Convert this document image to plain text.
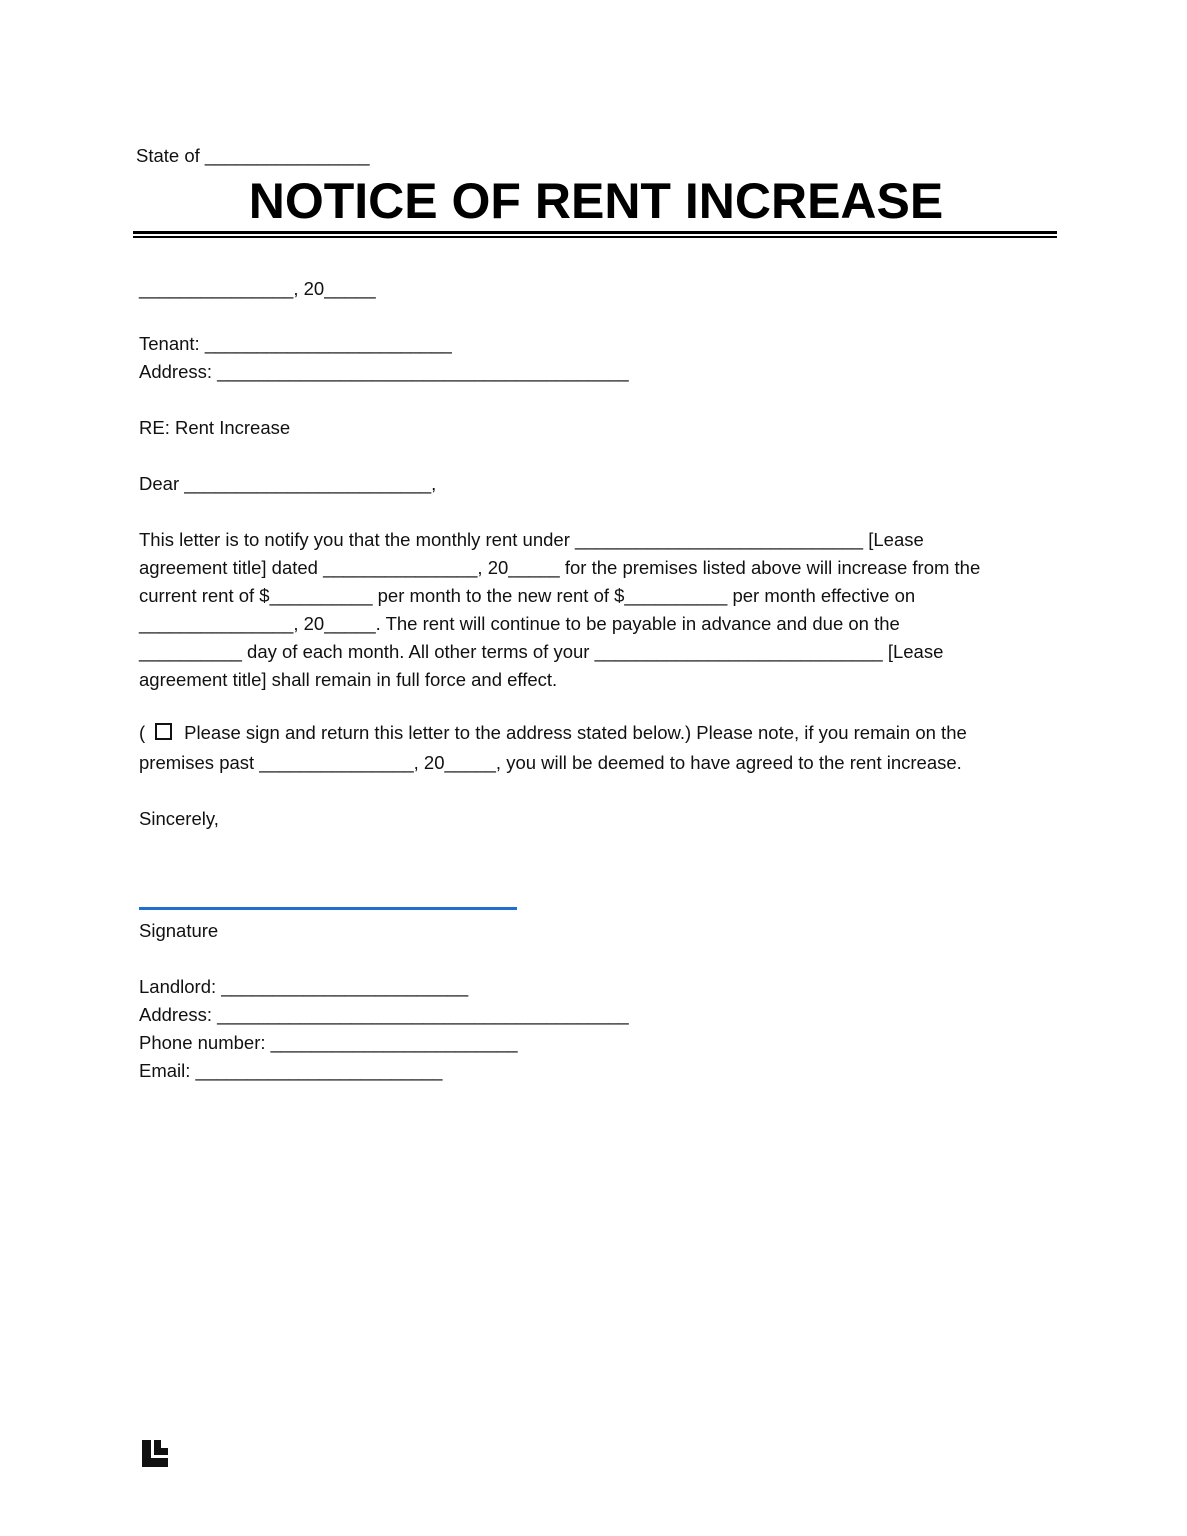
State of ________________
NOTICE OF RENT INCREASE
_______________, 20_____
Tenant: ________________________
Address: ________________________________________
RE: Rent Increase
Dear ________________________,
This letter is to notify you that the monthly rent under ____________________________ [Lease
agreement title] dated _______________, 20_____ for the premises listed above will increase from the
current rent of $__________ per month to the new rent of $__________ per month effective on
_______________, 20_____. The rent will continue to be payable in advance and due on the
__________ day of each month. All other terms of your ____________________________ [Lease
agreement title] shall remain in full force and effect.
( Please sign and return this letter to the address stated below.) Please note, if you remain on the
premises past _______________, 20_____, you will be deemed to have agreed to the rent increase.
Sincerely,
Signature
Landlord: ________________________
Address: ________________________________________
Phone number: ________________________
Email: ________________________
